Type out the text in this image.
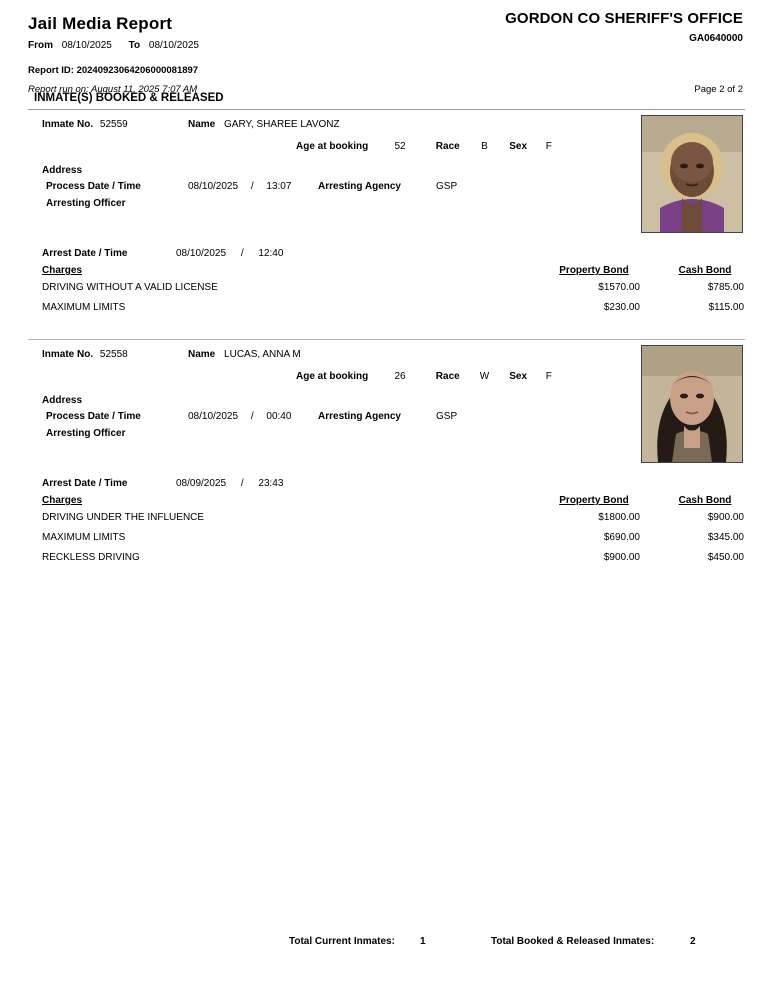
Jail Media Report	GORDON CO SHERIFF'S OFFICE
GA0640000
From 08/10/2025 To 08/10/2025
Report ID: 20240923064206000081897
Report run on: August 11, 2025 7:07 AM	Page 2 of 2
INMATE(S) BOOKED & RELEASED
Inmate No. 52559	Name GARY, SHAREE LAVONZ
Age at booking	52	Race B Sex F
Address
Process Date / Time	08/10/2025 / 13:07	Arresting Agency	GSP
Arresting Officer
Arrest Date / Time	08/10/2025 / 12:40
Charges	Property Bond	Cash Bond
DRIVING WITHOUT A VALID LICENSE	$1570.00	$785.00
MAXIMUM LIMITS	$230.00	$115.00
Inmate No. 52558	Name LUCAS, ANNA M
Age at booking	26	Race W Sex F
Address
Process Date / Time	08/10/2025 / 00:40	Arresting Agency	GSP
Arresting Officer
Arrest Date / Time	08/09/2025 / 23:43
Charges	Property Bond	Cash Bond
DRIVING UNDER THE INFLUENCE	$1800.00	$900.00
MAXIMUM LIMITS	$690.00	$345.00
RECKLESS DRIVING	$900.00	$450.00
Total Current Inmates:	1	Total Booked & Released Inmates:	2
